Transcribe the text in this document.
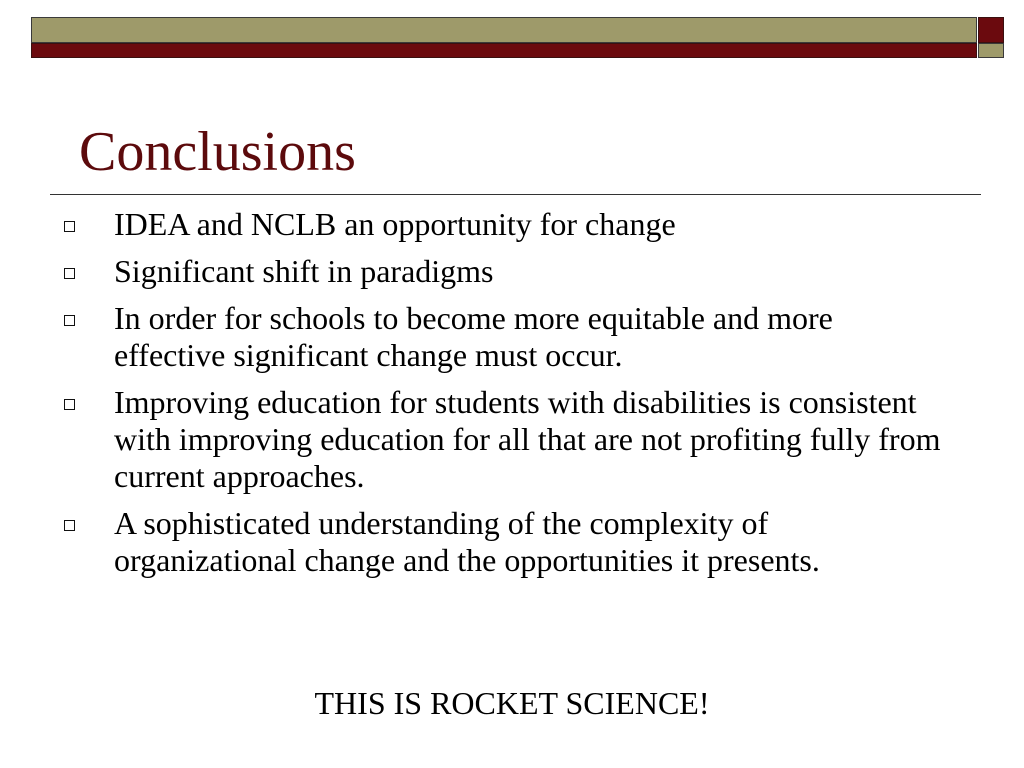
Conclusions
IDEA and NCLB an opportunity for change
Significant shift in paradigms
In order for schools to become more equitable and more effective significant change must occur.
Improving education for students with disabilities is consistent with improving education for all that are not profiting fully from current approaches.
A sophisticated understanding of the complexity of organizational change and the opportunities it presents.

THIS IS ROCKET SCIENCE!
